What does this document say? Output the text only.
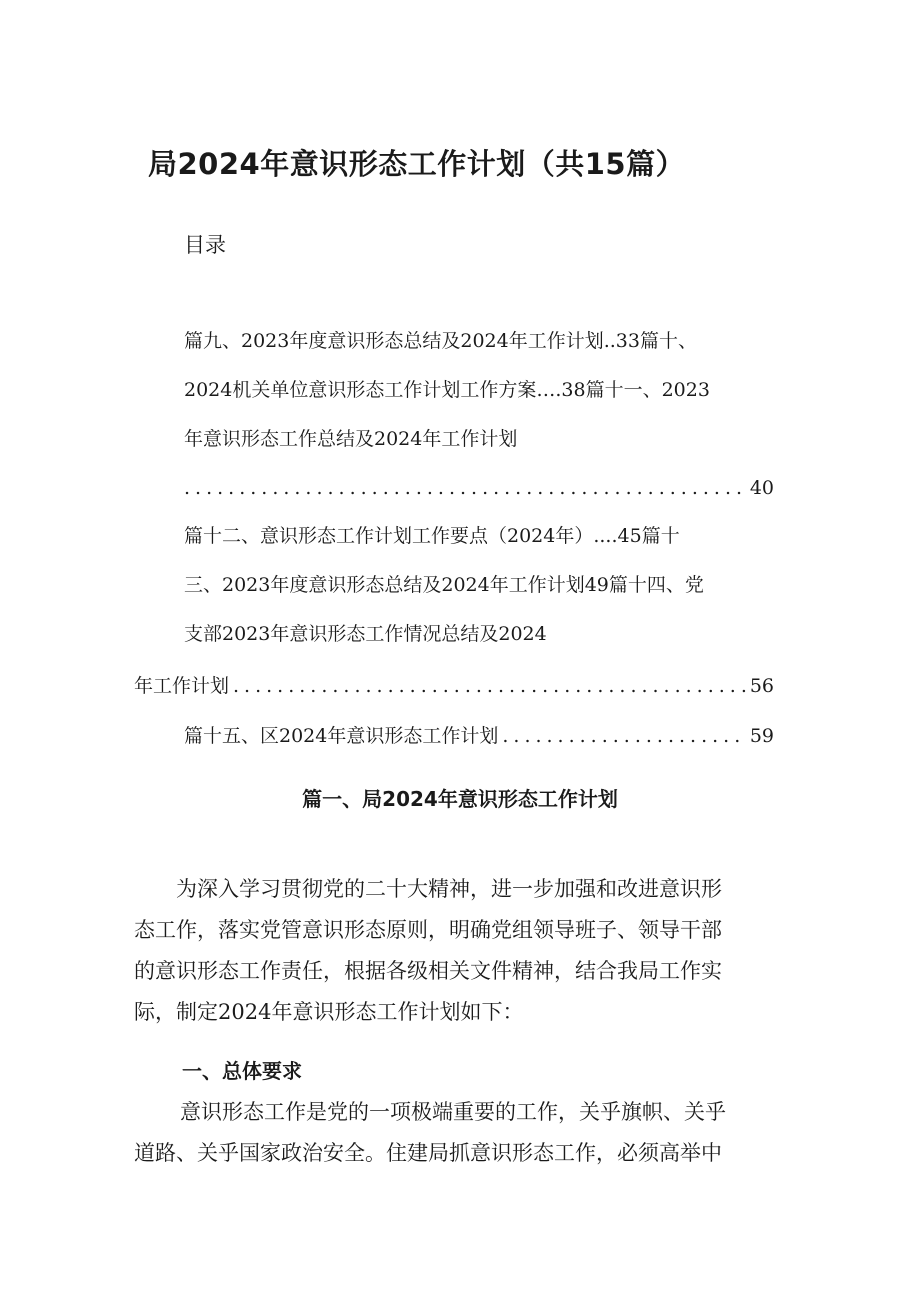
局2024年意识形态工作计划（共15篇）
目录
篇九、2023年度意识形态总结及2024年工作计划..33篇十、
2024机关单位意识形态工作计划工作方案….38篇十一、2023
年意识形态工作总结及2024年工作计划
.....
40
篇十二、意识形态工作计划工作要点（2024年）....45篇十
三、2023年度意识形态总结及2024年工作计划49篇十四、党
支部2023年意识形态工作情况总结及2024
年工作计划 .....	56
篇十五、区2024年意识形态工作计划 .....	59
篇一、局2024年意识形态工作计划
为深入学习贯彻党的二十大精神，进一步加强和改进意识形
态工作，落实党管意识形态原则，明确党组领导班子、领导干部
的意识形态工作责任，根据各级相关文件精神，结合我局工作实
际，制定2024年意识形态工作计划如下：
一、总体要求
意识形态工作是党的一项极端重要的工作，关乎旗帜、关乎
道路、关乎国家政治安全。住建局抓意识形态工作，必须高举中
